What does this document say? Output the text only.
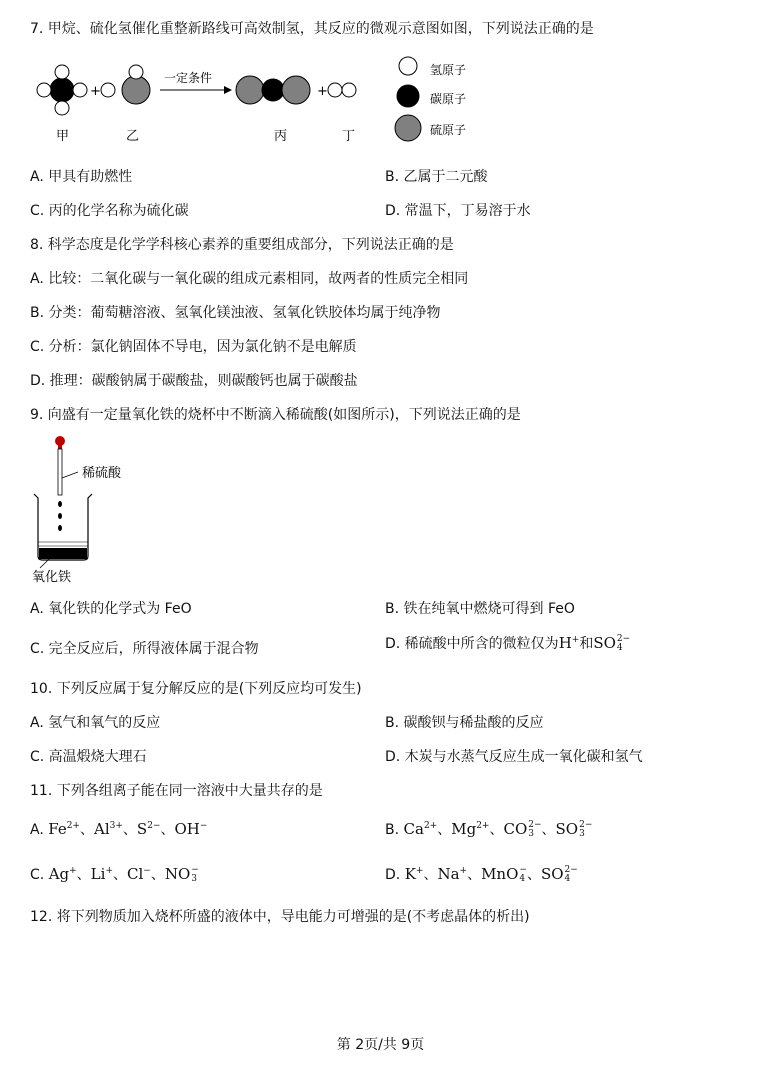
7. 甲烷、硫化氢催化重整新路线可高效制氢，其反应的微观示意图如图，下列说法正确的是
+
一定条件
+
甲	乙	丙	丁
氢原子
碳原子
硫原子
A. 甲具有助燃性	B. 乙属于二元酸
C. 丙的化学名称为硫化碳	D. 常温下，丁易溶于水
8. 科学态度是化学学科核心素养的重要组成部分，下列说法正确的是
A. 比较：二氧化碳与一氧化碳的组成元素相同，故两者的性质完全相同
B. 分类：葡萄糖溶液、氢氧化镁浊液、氢氧化铁胶体均属于纯净物
C. 分析：氯化钠固体不导电，因为氯化钠不是电解质
D. 推理：碳酸钠属于碳酸盐，则碳酸钙也属于碳酸盐
9. 向盛有一定量氧化铁的烧杯中不断滴入稀硫酸(如图所示)，下列说法正确的是
稀硫酸
氧化铁
A. 氧化铁的化学式为 FeO	B. 铁在纯氧中燃烧可得到 FeO
C. 完全反应后，所得液体属于混合物	D. 稀硫酸中所含的微粒仅为H+和SO 2−
4
10. 下列反应属于复分解反应的是(下列反应均可发生)
A. 氢气和氧气的反应	B. 碳酸钡与稀盐酸的反应
C. 高温煅烧大理石	D. 木炭与水蒸气反应生成一氧化碳和氢气
11. 下列各组离子能在同一溶液中大量共存的是
A. $Fe^{2+}$、$Al^{3+}$、$S^{2-}$、OH−	B. $Ca^{2+}$、$Mg^{2+}$、CO 2−
3 、SO 2−
3
C. Ag+、Li+、Cl−、NO −
3	D. K+、Na+、MnO −
4 、SO 2−
4
12. 将下列物质加入烧杯所盛的液体中，导电能力可增强的是(不考虑晶体的析出)
第 2页/共 9页
